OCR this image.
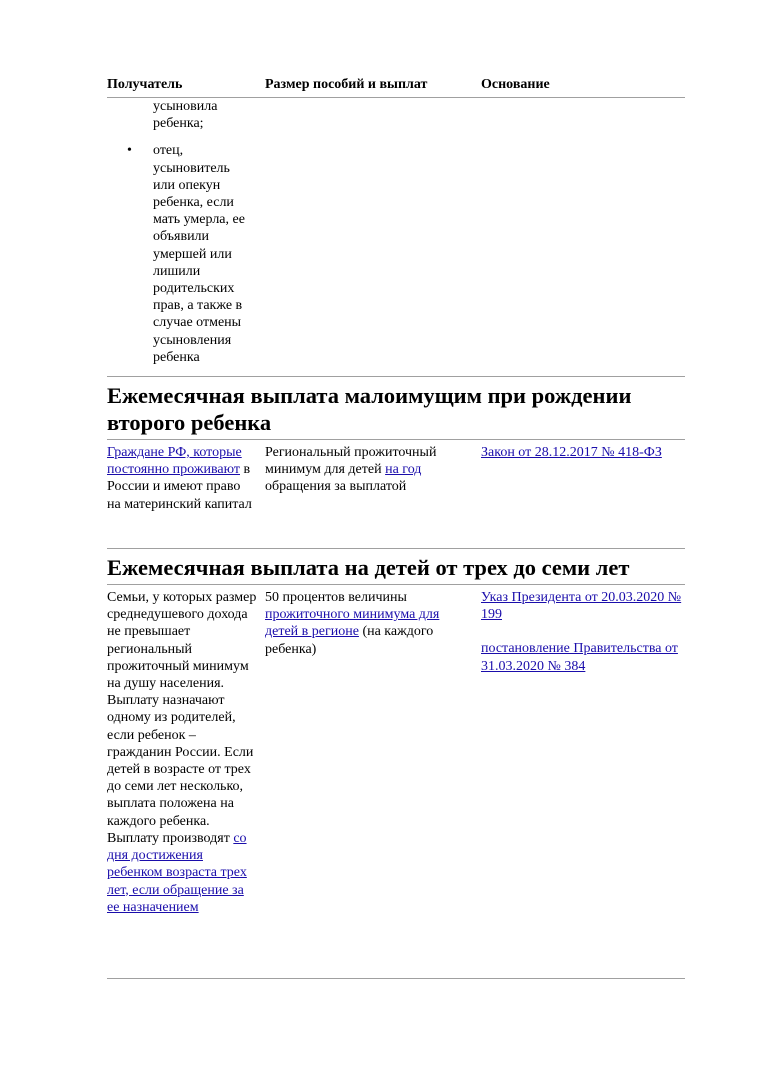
Получатель	Размер пособий и выплат	Основание
усыновила ребенка;
• отец, усыновитель или опекун ребенка, если мать умерла, ее объявили умершей или лишили родительских прав, а также в случае отмены усыновления ребенка
Ежемесячная выплата малоимущим при рождении второго ребенка
Граждане РФ, которые постоянно проживают в России и имеют право на материнский капитал
Региональный прожиточный минимум для детей на год обращения за выплатой
Закон от 28.12.2017 № 418-ФЗ
Ежемесячная выплата на детей от трех до семи лет
Семьи, у которых размер среднедушевого дохода не превышает региональный прожиточный минимум на душу населения. Выплату назначают одному из родителей, если ребенок – гражданин России. Если детей в возрасте от трех до семи лет несколько, выплата положена на каждого ребенка. Выплату производят со дня достижения ребенком возраста трех лет, если обращение за ее назначением
50 процентов величины прожиточного минимума для детей в регионе (на каждого ребенка)
Указ Президента от 20.03.2020 № 199
постановление Правительства от 31.03.2020 № 384
